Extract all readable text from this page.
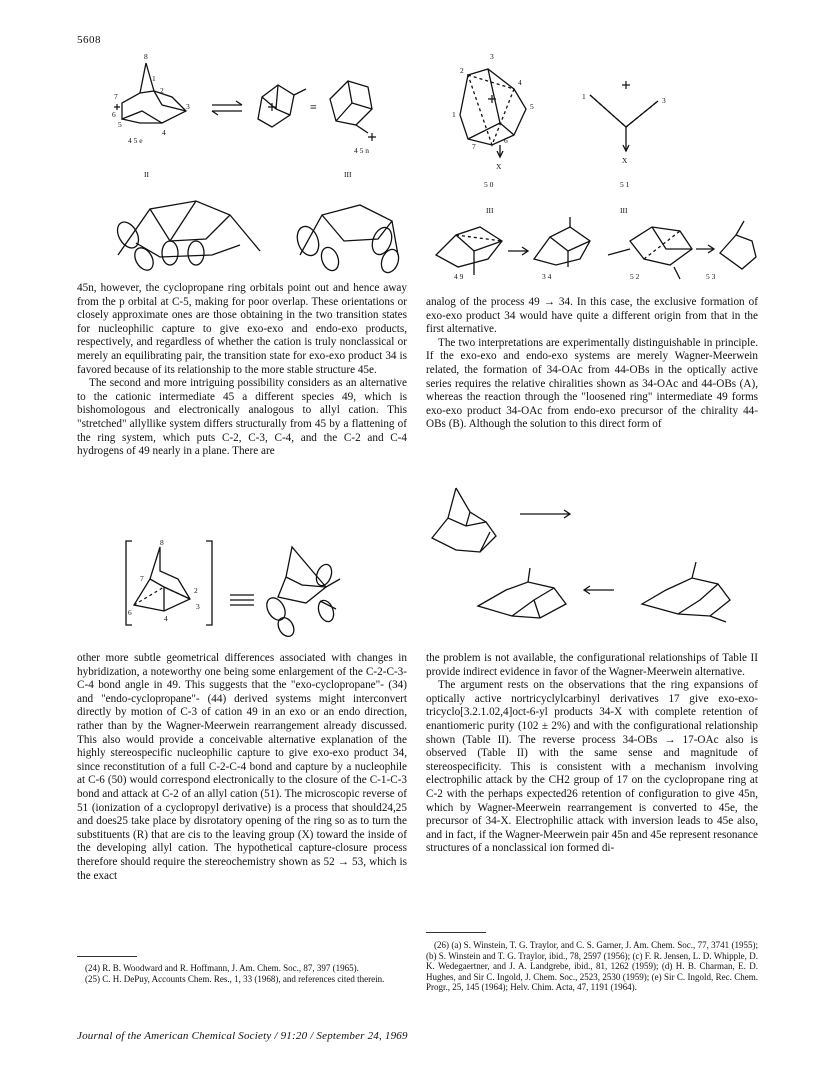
5608
8
1
2
3
4
5
6
7
≡
4 5 e
4 5 n
II	III
3
2
4
1
5
7
6
X
1	3
X
5 0	5 1
III	III
4 9	3 4	5 2	5 3

45n, however, the cyclopropane ring orbitals point out and hence away from the p orbital at C-5, making for poor overlap. These orientations or closely approximate ones are those obtaining in the two transition states for nucleophilic capture to give exo-exo and endo-exo products, respectively, and regardless of whether the cation is truly nonclassical or merely an equilibrating pair, the transition state for exo-exo product 34 is favored because of its relationship to the more stable structure 45e.

The second and more intriguing possibility considers as an alternative to the cationic intermediate 45 a different species 49, which is bishomologous and electronically analogous to allyl cation. This "stretched" allyllike system differs structurally from 45 by a flattening of the ring system, which puts C-2, C-3, C-4, and the C-2 and C-4 hydrogens of 49 nearly in a plane. There are

8
7
2
3
6
4

other more subtle geometrical differences associated with changes in hybridization, a noteworthy one being some enlargement of the C-2-C-3-C-4 bond angle in 49. This suggests that the "exo-cyclopropane"- (34) and "endo-cyclopropane"- (44) derived systems might interconvert directly by motion of C-3 of cation 49 in an exo or an endo direction, rather than by the Wagner-Meerwein rearrangement already discussed. This also would provide a conceivable alternative explanation of the highly stereospecific nucleophilic capture to give exo-exo product 34, since reconstitution of a full C-2-C-4 bond and capture by a nucleophile at C-6 (50) would correspond electronically to the closure of the C-1-C-3 bond and attack at C-2 of an allyl cation (51). The microscopic reverse of 51 (ionization of a cyclopropyl derivative) is a process that should24,25 and does25 take place by disrotatory opening of the ring so as to turn the substituents (R) that are cis to the leaving group (X) toward the inside of the developing allyl cation. The hypothetical capture-closure process therefore should require the stereochemistry shown as 52 → 53, which is the exact

(24) R. B. Woodward and R. Hoffmann, J. Am. Chem. Soc., 87, 397 (1965).

(25) C. H. DePuy, Accounts Chem. Res., 1, 33 (1968), and references cited therein.

analog of the process 49 → 34. In this case, the exclusive formation of exo-exo product 34 would have quite a different origin from that in the first alternative.

The two interpretations are experimentally distinguishable in principle. If the exo-exo and endo-exo systems are merely Wagner-Meerwein related, the formation of 34-OAc from 44-OBs in the optically active series requires the relative chiralities shown as 34-OAc and 44-OBs (A), whereas the reaction through the "loosened ring" intermediate 49 forms exo-exo product 34-OAc from endo-exo precursor of the chirality 44-OBs (B). Although the solution to this direct form of

the problem is not available, the configurational relationships of Table II provide indirect evidence in favor of the Wagner-Meerwein alternative.

The argument rests on the observations that the ring expansions of optically active nortricyclylcarbinyl derivatives 17 give exo-exo-tricyclo[3.2.1.02,4]oct-6-yl products 34-X with complete retention of enantiomeric purity (102 ± 2%) and with the configurational relationship shown (Table II). The reverse process 34-OBs → 17-OAc also is observed (Table II) with the same sense and magnitude of stereospecificity. This is consistent with a mechanism involving electrophilic attack by the CH2 group of 17 on the cyclopropane ring at C-2 with the perhaps expected26 retention of configuration to give 45n, which by Wagner-Meerwein rearrangement is converted to 45e, the precursor of 34-X. Electrophilic attack with inversion leads to 45e also, and in fact, if the Wagner-Meerwein pair 45n and 45e represent resonance structures of a nonclassical ion formed di-

(26) (a) S. Winstein, T. G. Traylor, and C. S. Garner, J. Am. Chem. Soc., 77, 3741 (1955); (b) S. Winstein and T. G. Traylor, ibid., 78, 2597 (1956); (c) F. R. Jensen, L. D. Whipple, D. K. Wedegaertner, and J. A. Landgrebe, ibid., 81, 1262 (1959); (d) H. B. Charman, E. D. Hughes, and Sir C. Ingold, J. Chem. Soc., 2523, 2530 (1959); (e) Sir C. Ingold, Rec. Chem. Progr., 25, 145 (1964); Helv. Chim. Acta, 47, 1191 (1964).

Journal of the American Chemical Society / 91:20 / September 24, 1969
